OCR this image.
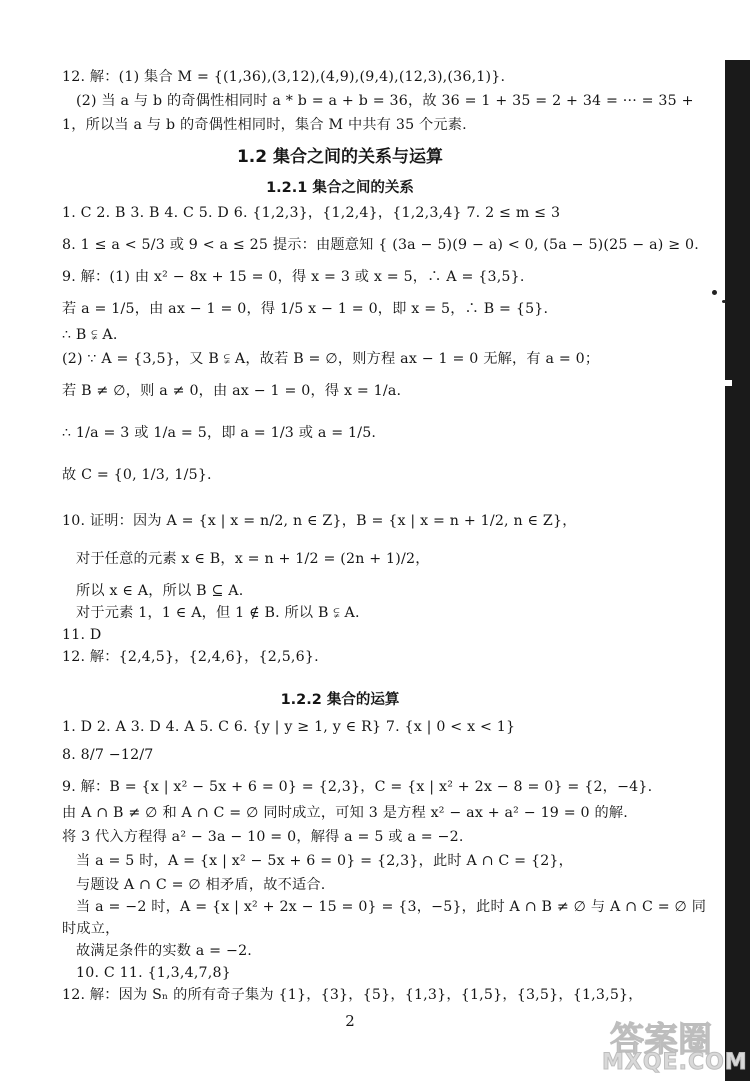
12. 解：(1) 集合 M = {(1,36),(3,12),(4,9),(9,4),(12,3),(36,1)}.
(2) 当 a 与 b 的奇偶性相同时 a * b = a + b = 36，故 36 = 1 + 35 = 2 + 34 = ··· = 35 +
1，所以当 a 与 b 的奇偶性相同时，集合 M 中共有 35 个元素.
1.2 集合之间的关系与运算
1.2.1 集合之间的关系
1. C 2. B 3. B 4. C 5. D 6. {1,2,3}，{1,2,4}，{1,2,3,4} 7. 2 ≤ m ≤ 3
8. 1 ≤ a < 5/3 或 9 < a ≤ 25 提示：由题意知 { (3a − 5)(9 − a) < 0, (5a − 5)(25 − a) ≥ 0.
9. 解：(1) 由 x² − 8x + 15 = 0，得 x = 3 或 x = 5，∴ A = {3,5}.
若 a = 1/5，由 ax − 1 = 0，得 1/5 x − 1 = 0，即 x = 5，∴ B = {5}.
∴ B ⫋ A.
(2) ∵ A = {3,5}，又 B ⫋ A，故若 B = ∅，则方程 ax − 1 = 0 无解，有 a = 0；
若 B ≠ ∅，则 a ≠ 0，由 ax − 1 = 0，得 x = 1/a.
∴ 1/a = 3 或 1/a = 5，即 a = 1/3 或 a = 1/5.
故 C = {0, 1/3, 1/5}.
10. 证明：因为 A = {x | x = n/2, n ∈ Z}，B = {x | x = n + 1/2, n ∈ Z}，
对于任意的元素 x ∈ B，x = n + 1/2 = (2n + 1)/2，
所以 x ∈ A，所以 B ⊆ A.
对于元素 1，1 ∈ A，但 1 ∉ B. 所以 B ⫋ A.
11. D
12. 解：{2,4,5}，{2,4,6}，{2,5,6}.
1.2.2 集合的运算
1. D 2. A 3. D 4. A 5. C 6. {y | y ≥ 1, y ∈ R} 7. {x | 0 < x < 1}
8. 8/7 −12/7
9. 解：B = {x | x² − 5x + 6 = 0} = {2,3}，C = {x | x² + 2x − 8 = 0} = {2，−4}.
由 A ∩ B ≠ ∅ 和 A ∩ C = ∅ 同时成立，可知 3 是方程 x² − ax + a² − 19 = 0 的解.
将 3 代入方程得 a² − 3a − 10 = 0，解得 a = 5 或 a = −2.
当 a = 5 时，A = {x | x² − 5x + 6 = 0} = {2,3}，此时 A ∩ C = {2}，
与题设 A ∩ C = ∅ 相矛盾，故不适合.
当 a = −2 时，A = {x | x² + 2x − 15 = 0} = {3，−5}，此时 A ∩ B ≠ ∅ 与 A ∩ C = ∅ 同
时成立，
故满足条件的实数 a = −2.
10. C 11. {1,3,4,7,8}
12. 解：因为 Sₙ 的所有奇子集为 {1}，{3}，{5}，{1,3}，{1,5}，{3,5}，{1,3,5}，
2	答案圈
MXQE.COM
